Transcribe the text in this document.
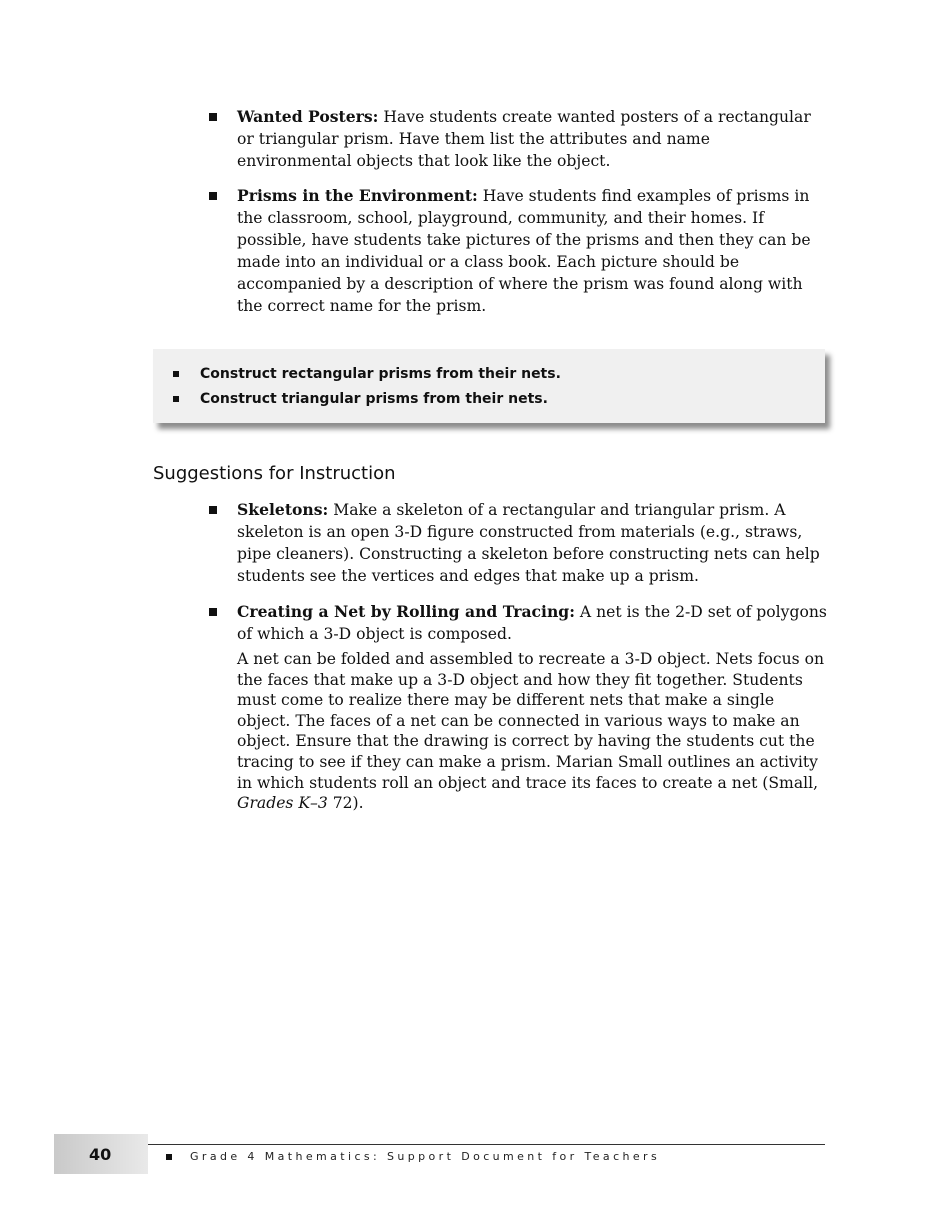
Wanted Posters: Have students create wanted posters of a rectangular or triangular prism. Have them list the attributes and name environmental objects that look like the object.
Prisms in the Environment: Have students find examples of prisms in the classroom, school, playground, community, and their homes. If possible, have students take pictures of the prisms and then they can be made into an individual or a class book. Each picture should be accompanied by a description of where the prism was found along with the correct name for the prism.
Construct rectangular prisms from their nets.
Construct triangular prisms from their nets.
Suggestions for Instruction
Skeletons: Make a skeleton of a rectangular and triangular prism. A skeleton is an open 3-D figure constructed from materials (e.g., straws, pipe cleaners). Constructing a skeleton before constructing nets can help students see the vertices and edges that make up a prism.
Creating a Net by Rolling and Tracing: A net is the 2-D set of polygons of which a 3-D object is composed.

A net can be folded and assembled to recreate a 3-D object. Nets focus on the faces that make up a 3-D object and how they fit together. Students must come to realize there may be different nets that make a single object. The faces of a net can be connected in various ways to make an object. Ensure that the drawing is correct by having the students cut the tracing to see if they can make a prism. Marian Small outlines an activity in which students roll an object and trace its faces to create a net (Small, Grades K–3 72).

40	Grade 4 Mathematics: Support Document for Teachers
